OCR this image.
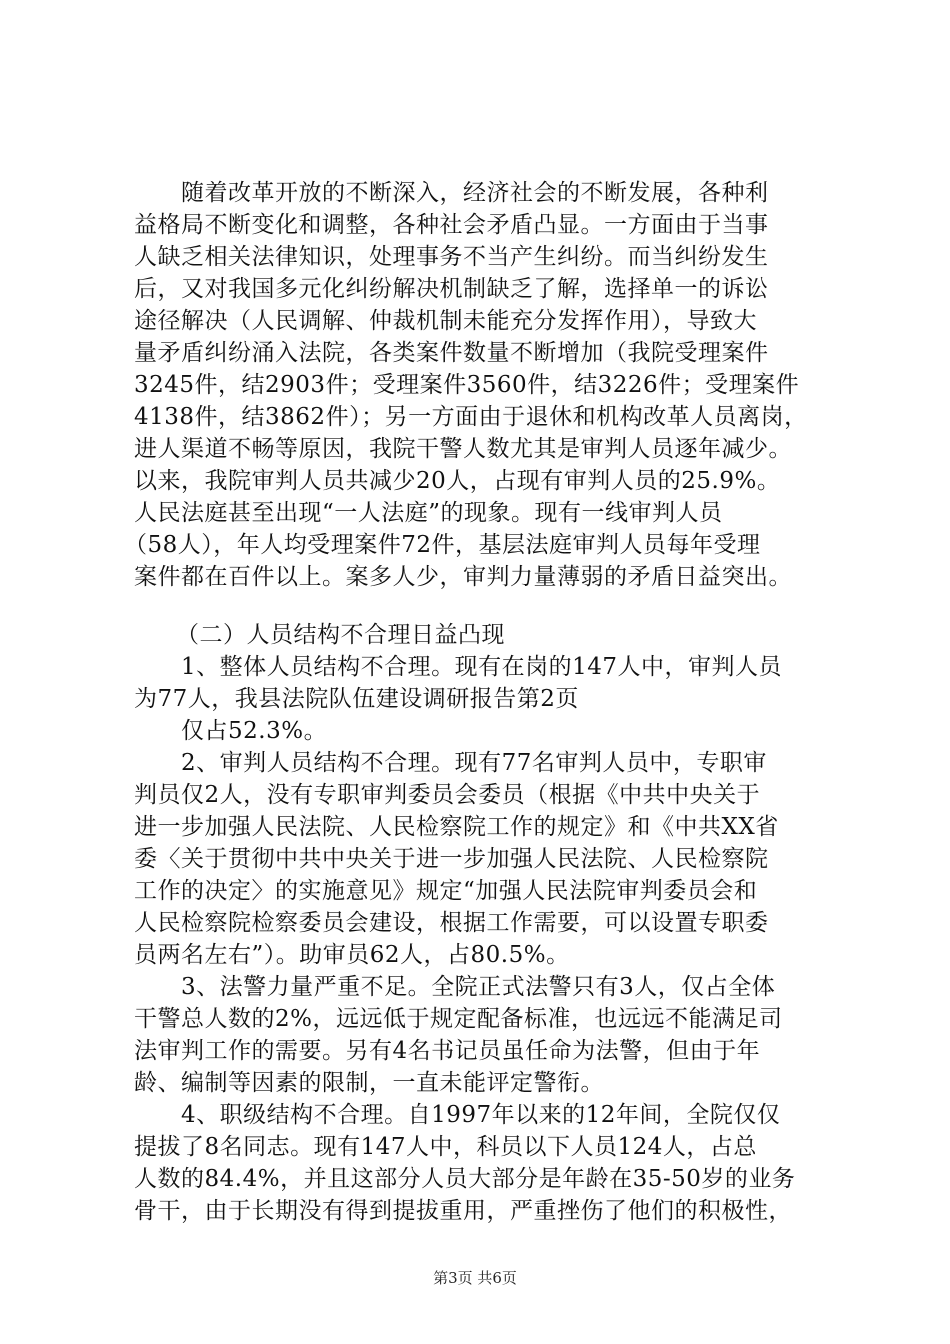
随着改革开放的不断深入，经济社会的不断发展，各种利
益格局不断变化和调整，各种社会矛盾凸显。一方面由于当事
人缺乏相关法律知识，处理事务不当产生纠纷。而当纠纷发生
后，又对我国多元化纠纷解决机制缺乏了解，选择单一的诉讼
途径解决（人民调解、仲裁机制未能充分发挥作用），导致大
量矛盾纠纷涌入法院，各类案件数量不断增加（我院受理案件
3245件，结2903件；受理案件3560件，结3226件；受理案件
4138件，结3862件）；另一方面由于退休和机构改革人员离岗，
进人渠道不畅等原因，我院干警人数尤其是审判人员逐年减少。
以来，我院审判人员共减少20人，占现有审判人员的25.9%。
人民法庭甚至出现“一人法庭”的现象。现有一线审判人员
（58人），年人均受理案件72件，基层法庭审判人员每年受理
案件都在百件以上。案多人少，审判力量薄弱的矛盾日益突出。
（二）人员结构不合理日益凸现
1、整体人员结构不合理。现有在岗的147人中，审判人员
为77人，我县法院队伍建设调研报告第2页
仅占52.3%。
2、审判人员结构不合理。现有77名审判人员中，专职审
判员仅2人，没有专职审判委员会委员（根据《中共中央关于
进一步加强人民法院、人民检察院工作的规定》和《中共XX省
委〈关于贯彻中共中央关于进一步加强人民法院、人民检察院
工作的决定〉的实施意见》规定“加强人民法院审判委员会和
人民检察院检察委员会建设，根据工作需要，可以设置专职委
员两名左右”）。助审员62人，占80.5%。
3、法警力量严重不足。全院正式法警只有3人，仅占全体
干警总人数的2%，远远低于规定配备标准，也远远不能满足司
法审判工作的需要。另有4名书记员虽任命为法警，但由于年
龄、编制等因素的限制，一直未能评定警衔。
4、职级结构不合理。自1997年以来的12年间，全院仅仅
提拔了8名同志。现有147人中，科员以下人员124人，占总
人数的84.4%，并且这部分人员大部分是年龄在35-50岁的业务
骨干，由于长期没有得到提拔重用，严重挫伤了他们的积极性，
第3页 共6页
